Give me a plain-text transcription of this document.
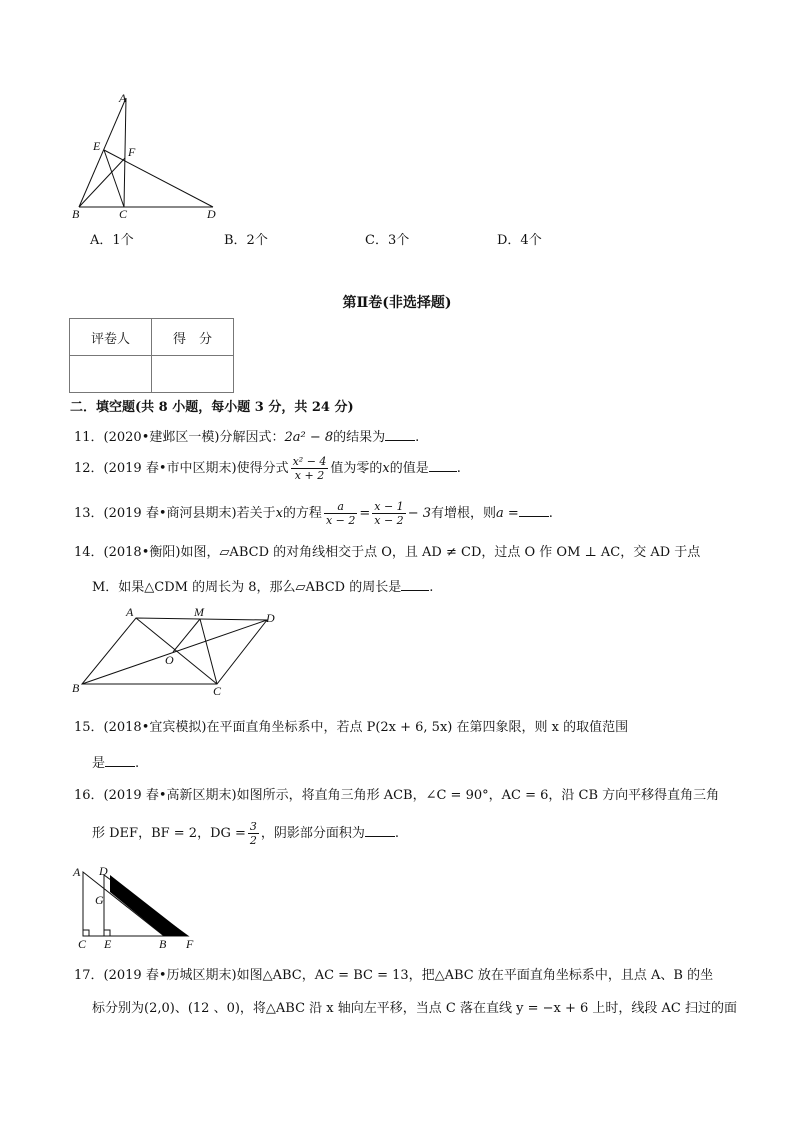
A
E F
B	C	D
A．1个	B．2个	C．3个	D．4个
第Ⅱ卷(非选择题)
评卷人	得　分

二．填空题(共 8 小题，每小题 3 分，共 24 分)
11．(2020•建邺区一模)分解因式：2a² − 8的结果为 .
12．(2019 春•市中区期末)使得分式 $\frac{\text{x² − 4}}{x + 2}$ 值为零的x的值是 .
13．(2019 春•商河县期末)若关于x的方程 $\frac{a}{x - 2} = \frac{x - 1}{x - 2} - 3$有增根，则a = .
14．(2018•衡阳)如图，▱ABCD 的对角线相交于点 O，且 AD ≠ CD，过点 O 作 OM ⊥ AC，交 AD 于点
M．如果△CDM 的周长为 8，那么▱ABCD 的周长是 .
A	M	D
O
B	C
15．(2018•宜宾模拟)在平面直角坐标系中，若点 P(2x + 6, 5x) 在第四象限，则 x 的取值范围
是 .
16．(2019 春•高新区期末)如图所示，将直角三角形 ACB，∠C = 90°，AC = 6，沿 CB 方向平移得直角三角
形 DEF，BF = 2，DG = $\frac{3}{2}$ ，阴影部分面积为 .
A D
G
C E	B F
17．(2019 春•历城区期末)如图△ABC，AC = BC = 13，把△ABC 放在平面直角坐标系中，且点 A、B 的坐
标分别为(2,0)、(12 、0)，将△ABC 沿 x 轴向左平移，当点 C 落在直线 y = −x + 6 上时，线段 AC 扫过的面
